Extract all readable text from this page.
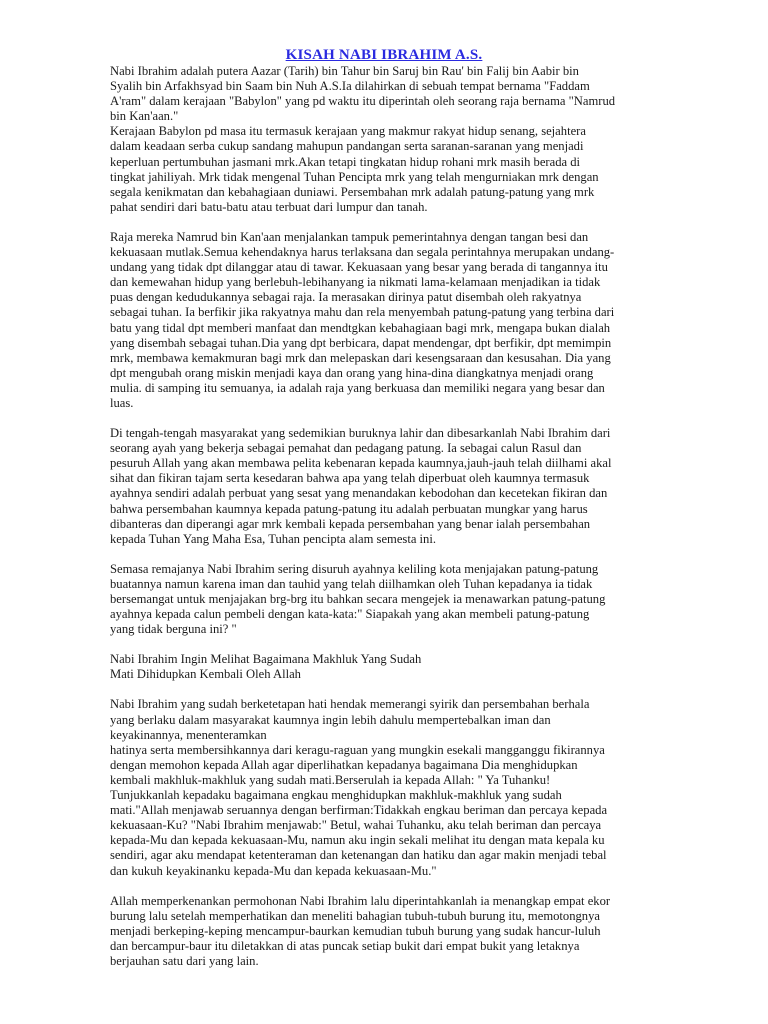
KISAH NABI IBRAHIM A.S.

Nabi Ibrahim adalah putera Aazar (Tarih) bin Tahur bin Saruj bin Rau' bin Falij bin Aabir bin
Syalih bin Arfakhsyad bin Saam bin Nuh A.S.Ia dilahirkan di sebuah tempat bernama "Faddam
A'ram" dalam kerajaan "Babylon" yang pd waktu itu diperintah oleh seorang raja bernama "Namrud
bin Kan'aan."
Kerajaan Babylon pd masa itu termasuk kerajaan yang makmur rakyat hidup senang, sejahtera
dalam keadaan serba cukup sandang mahupun pandangan serta saranan-saranan yang menjadi
keperluan pertumbuhan jasmani mrk.Akan tetapi tingkatan hidup rohani mrk masih berada di
tingkat jahiliyah. Mrk tidak mengenal Tuhan Pencipta mrk yang telah mengurniakan mrk dengan
segala kenikmatan dan kebahagiaan duniawi. Persembahan mrk adalah patung-patung yang mrk
pahat sendiri dari batu-batu atau terbuat dari lumpur dan tanah.

Raja mereka Namrud bin Kan'aan menjalankan tampuk pemerintahnya dengan tangan besi dan
kekuasaan mutlak.Semua kehendaknya harus terlaksana dan segala perintahnya merupakan undang-
undang yang tidak dpt dilanggar atau di tawar. Kekuasaan yang besar yang berada di tangannya itu
dan kemewahan hidup yang berlebuh-lebihanyang ia nikmati lama-kelamaan menjadikan ia tidak
puas dengan kedudukannya sebagai raja. Ia merasakan dirinya patut disembah oleh rakyatnya
sebagai tuhan. Ia berfikir jika rakyatnya mahu dan rela menyembah patung-patung yang terbina dari
batu yang tidal dpt memberi manfaat dan mendtgkan kebahagiaan bagi mrk, mengapa bukan dialah
yang disembah sebagai tuhan.Dia yang dpt berbicara, dapat mendengar, dpt berfikir, dpt memimpin
mrk, membawa kemakmuran bagi mrk dan melepaskan dari kesengsaraan dan kesusahan. Dia yang
dpt mengubah orang miskin menjadi kaya dan orang yang hina-dina diangkatnya menjadi orang
mulia. di samping itu semuanya, ia adalah raja yang berkuasa dan memiliki negara yang besar dan
luas.

Di tengah-tengah masyarakat yang sedemikian buruknya lahir dan dibesarkanlah Nabi Ibrahim dari
seorang ayah yang bekerja sebagai pemahat dan pedagang patung. Ia sebagai calun Rasul dan
pesuruh Allah yang akan membawa pelita kebenaran kepada kaumnya,jauh-jauh telah diilhami akal
sihat dan fikiran tajam serta kesedaran bahwa apa yang telah diperbuat oleh kaumnya termasuk
ayahnya sendiri adalah perbuat yang sesat yang menandakan kebodohan dan kecetekan fikiran dan
bahwa persembahan kaumnya kepada patung-patung itu adalah perbuatan mungkar yang harus
dibanteras dan diperangi agar mrk kembali kepada persembahan yang benar ialah persembahan
kepada Tuhan Yang Maha Esa, Tuhan pencipta alam semesta ini.

Semasa remajanya Nabi Ibrahim sering disuruh ayahnya keliling kota menjajakan patung-patung
buatannya namun karena iman dan tauhid yang telah diilhamkan oleh Tuhan kepadanya ia tidak
bersemangat untuk menjajakan brg-brg itu bahkan secara mengejek ia menawarkan patung-patung
ayahnya kepada calun pembeli dengan kata-kata:" Siapakah yang akan membeli patung-patung
yang tidak berguna ini? "

Nabi Ibrahim Ingin Melihat Bagaimana Makhluk Yang Sudah
Mati Dihidupkan Kembali Oleh Allah

Nabi Ibrahim yang sudah berketetapan hati hendak memerangi syirik dan persembahan berhala
yang berlaku dalam masyarakat kaumnya ingin lebih dahulu mempertebalkan iman dan
keyakinannya, menenteramkan
hatinya serta membersihkannya dari keragu-raguan yang mungkin esekali mangganggu fikirannya
dengan memohon kepada Allah agar diperlihatkan kepadanya bagaimana Dia menghidupkan
kembali makhluk-makhluk yang sudah mati.Berserulah ia kepada Allah: " Ya Tuhanku!
Tunjukkanlah kepadaku bagaimana engkau menghidupkan makhluk-makhluk yang sudah
mati."Allah menjawab seruannya dengan berfirman:Tidakkah engkau beriman dan percaya kepada
kekuasaan-Ku? "Nabi Ibrahim menjawab:" Betul, wahai Tuhanku, aku telah beriman dan percaya
kepada-Mu dan kepada kekuasaan-Mu, namun aku ingin sekali melihat itu dengan mata kepala ku
sendiri, agar aku mendapat ketenteraman dan ketenangan dan hatiku dan agar makin menjadi tebal
dan kukuh keyakinanku kepada-Mu dan kepada kekuasaan-Mu."

Allah memperkenankan permohonan Nabi Ibrahim lalu diperintahkanlah ia menangkap empat ekor
burung lalu setelah memperhatikan dan meneliti bahagian tubuh-tubuh burung itu, memotongnya
menjadi berkeping-keping mencampur-baurkan kemudian tubuh burung yang sudak hancur-luluh
dan bercampur-baur itu diletakkan di atas puncak setiap bukit dari empat bukit yang letaknya
berjauhan satu dari yang lain.
